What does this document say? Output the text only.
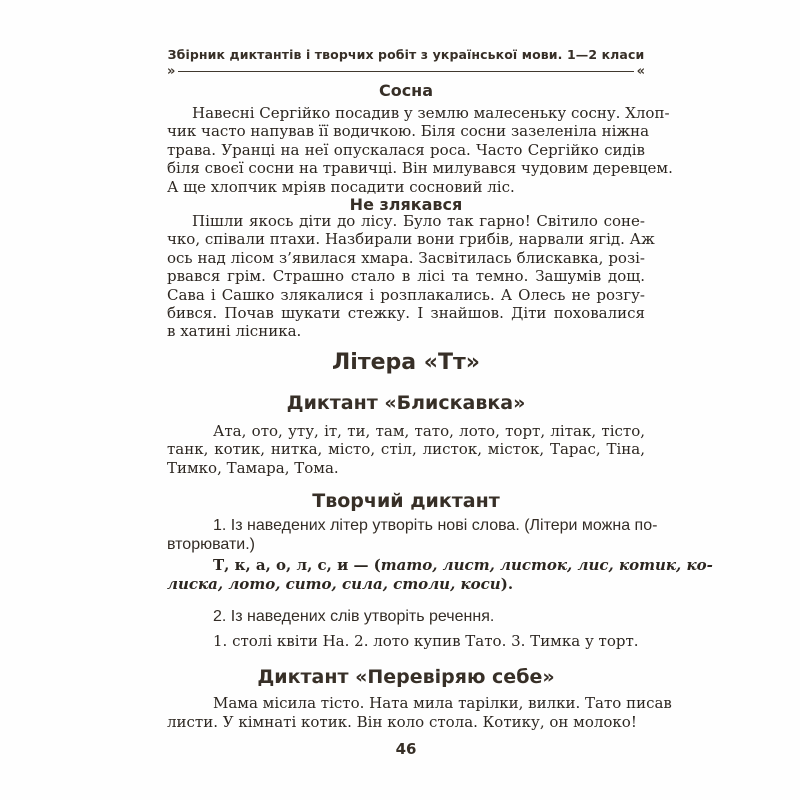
Збірник диктантів і творчих робіт з української мови. 1—2 класи
»	«
Сосна
Навесні Сергійко посадив у землю малесеньку сосну. Хлоп-
чик часто напував її водичкою. Біля сосни зазеленіла ніжна
трава. Уранці на неї опускалася роса. Часто Сергійко сидів
біля своєї сосни на травичці. Він милувався чудовим деревцем.
А ще хлопчик мріяв посадити сосновий ліс.
Не злякався
Пішли якось діти до лісу. Було так гарно! Світило соне-
чко, співали птахи. Назбирали вони грибів, нарвали ягід. Аж
ось над лісом з’явилася хмара. Засвітилась блискавка, розі-
рвався грім. Страшно стало в лісі та темно. Зашумів дощ.
Сава і Сашко злякалися і розплакались. А Олесь не розгу-
бився. Почав шукати стежку. І знайшов. Діти поховалися
в хатині лісника.
Літера «Тт»
Диктант «Блискавка»
Ата, ото, уту, іт, ти, там, тато, лото, торт, літак, тісто,
танк, котик, нитка, місто, стіл, листок, місток, Тарас, Тіна,
Тимко, Тамара, Тома.
Творчий диктант
1. Із наведених літер утворіть нові слова. (Літери можна по-
вторювати.)
Т, к, а, о, л, с, и — (тато, лист, листок, лис, котик, ко-
лиска, лото, сито, сила, столи, коси).
2. Із наведених слів утворіть речення.
1. столі квіти На. 2. лото купив Тато. 3. Тимка у торт.
Диктант «Перевіряю себе»
Мама місила тісто. Ната мила тарілки, вилки. Тато писав
листи. У кімнаті котик. Він коло стола. Котику, он молоко!
46
